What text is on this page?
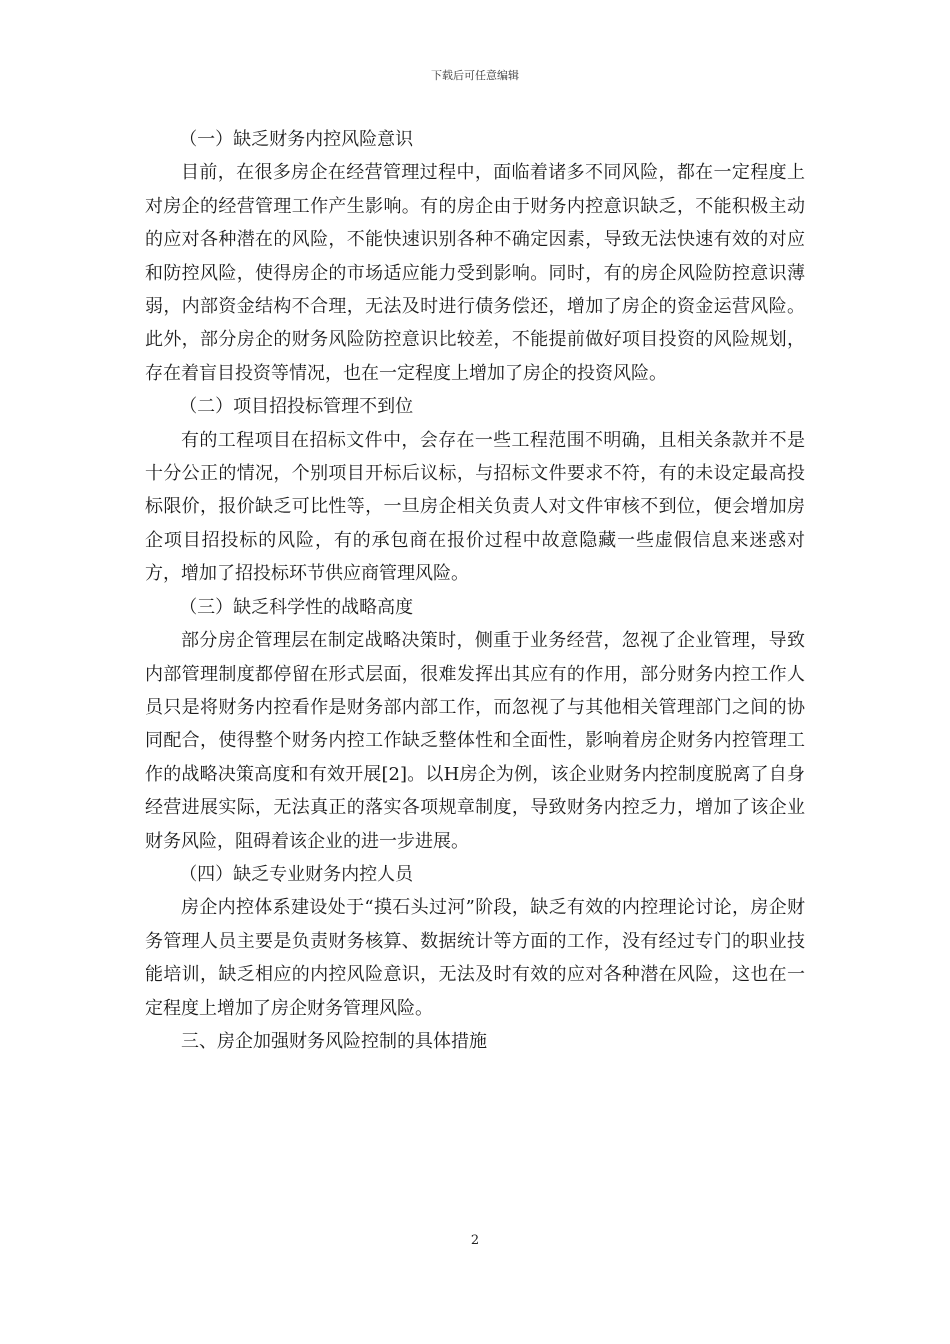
下载后可任意编辑

（一）缺乏财务内控风险意识

目前，在很多房企在经营管理过程中，面临着诸多不同风险，都在一定程度上对房企的经营管理工作产生影响。有的房企由于财务内控意识缺乏，不能积极主动的应对各种潜在的风险，不能快速识别各种不确定因素，导致无法快速有效的对应和防控风险，使得房企的市场适应能力受到影响。同时，有的房企风险防控意识薄弱，内部资金结构不合理，无法及时进行债务偿还，增加了房企的资金运营风险。此外，部分房企的财务风险防控意识比较差，不能提前做好项目投资的风险规划，存在着盲目投资等情况，也在一定程度上增加了房企的投资风险。

（二）项目招投标管理不到位

有的工程项目在招标文件中，会存在一些工程范围不明确，且相关条款并不是十分公正的情况，个别项目开标后议标，与招标文件要求不符，有的未设定最高投标限价，报价缺乏可比性等，一旦房企相关负责人对文件审核不到位，便会增加房企项目招投标的风险，有的承包商在报价过程中故意隐藏一些虚假信息来迷惑对方，增加了招投标环节供应商管理风险。

（三）缺乏科学性的战略高度

部分房企管理层在制定战略决策时，侧重于业务经营，忽视了企业管理，导致内部管理制度都停留在形式层面，很难发挥出其应有的作用，部分财务内控工作人员只是将财务内控看作是财务部内部工作，而忽视了与其他相关管理部门之间的协同配合，使得整个财务内控工作缺乏整体性和全面性，影响着房企财务内控管理工作的战略决策高度和有效开展[2]。以H房企为例，该企业财务内控制度脱离了自身经营进展实际，无法真正的落实各项规章制度，导致财务内控乏力，增加了该企业财务风险，阻碍着该企业的进一步进展。

（四）缺乏专业财务内控人员

房企内控体系建设处于“摸石头过河”阶段，缺乏有效的内控理论讨论，房企财务管理人员主要是负责财务核算、数据统计等方面的工作，没有经过专门的职业技能培训，缺乏相应的内控风险意识，无法及时有效的应对各种潜在风险，这也在一定程度上增加了房企财务管理风险。

三、房企加强财务风险控制的具体措施

2
